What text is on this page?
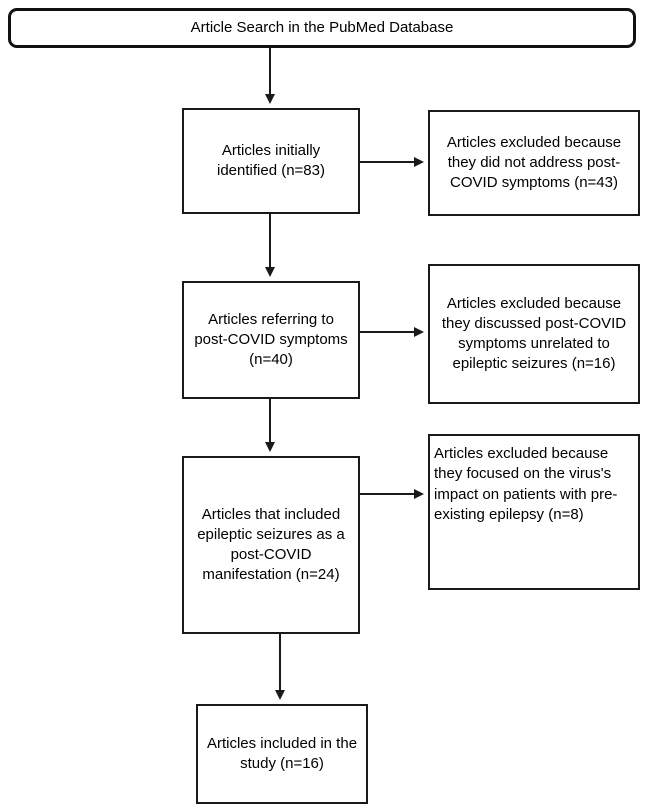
Article Search in the PubMed Database
Articles initially identified (n=83)
Articles referring to post-COVID symptoms (n=40)
Articles that included epileptic seizures as a post-COVID manifestation (n=24)
Articles included in the study (n=16)
Articles excluded because they did not address post-COVID symptoms (n=43)
Articles excluded because they discussed post-COVID symptoms unrelated to epileptic seizures (n=16)
Articles excluded because they focused on the virus's impact on patients with pre-existing epilepsy (n=8)
